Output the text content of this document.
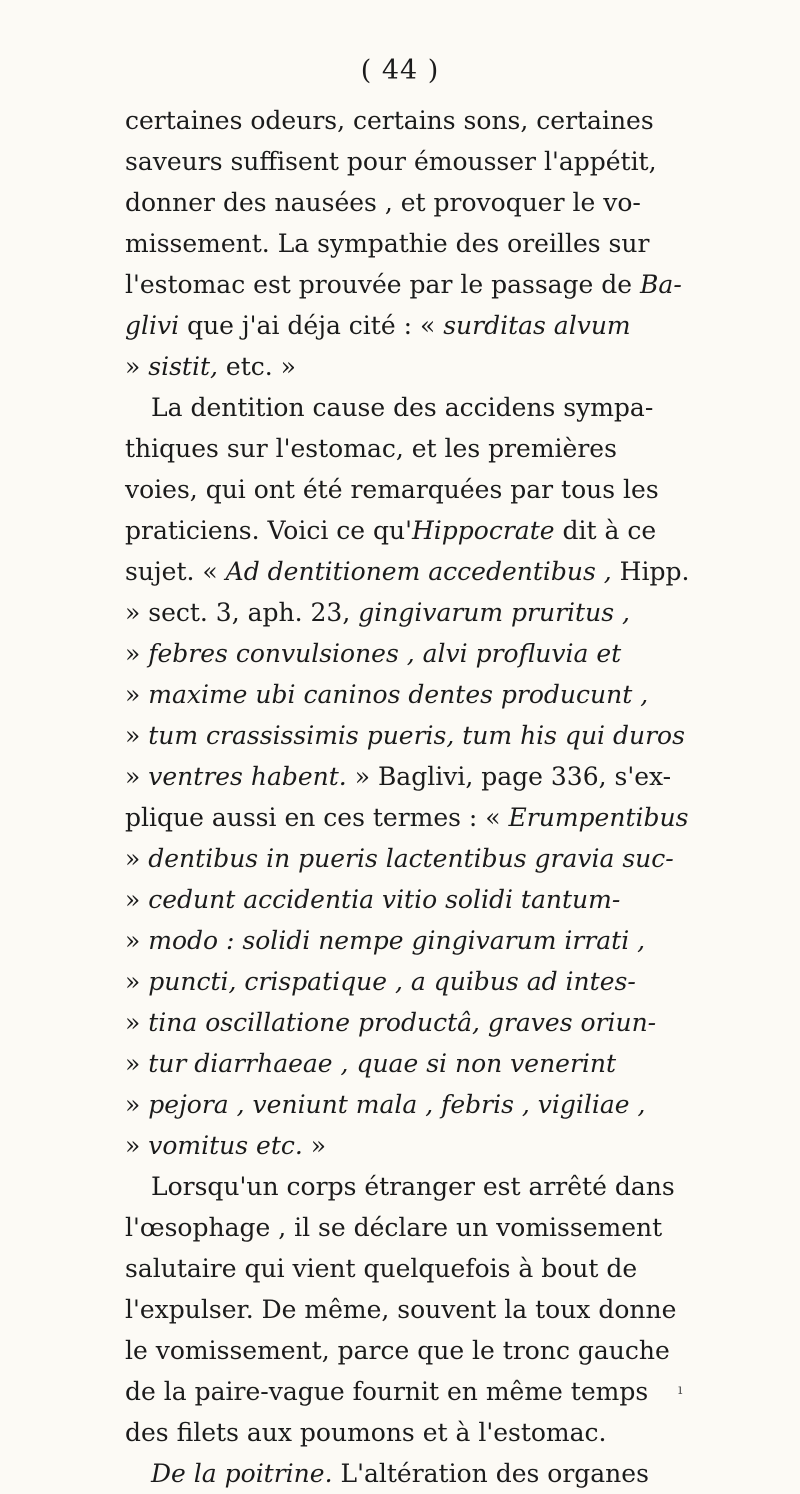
( 44 )
certaines odeurs, certains sons, certaines
saveurs suffisent pour émousser l'appétit,
donner des nausées , et provoquer le vo-
missement. La sympathie des oreilles sur
l'estomac est prouvée par le passage de Ba-
glivi que j'ai déja cité : « surditas alvum
» sistit, etc. »
La dentition cause des accidens sympa-
thiques sur l'estomac, et les premières
voies, qui ont été remarquées par tous les
praticiens. Voici ce qu'Hippocrate dit à ce
sujet. « Ad dentitionem accedentibus , Hipp.
» sect. 3, aph. 23, gingivarum pruritus ,
» febres convulsiones , alvi profluvia et
» maxime ubi caninos dentes producunt ,
» tum crassissimis pueris, tum his qui duros
» ventres habent. » Baglivi, page 336, s'ex-
plique aussi en ces termes : « Erumpentibus
» dentibus in pueris lactentibus gravia suc-
» cedunt accidentia vitio solidi tantum-
» modo : solidi nempe gingivarum irrati ,
» puncti, crispatique , a quibus ad intes-
» tina oscillatione productâ, graves oriun-
» tur diarrhaeae , quae si non venerint
» pejora , veniunt mala , febris , vigiliae ,
» vomitus etc. »
Lorsqu'un corps étranger est arrêté dans
l'œsophage , il se déclare un vomissement
salutaire qui vient quelquefois à bout de
l'expulser. De même, souvent la toux donne
le vomissement, parce que le tronc gauche
de la paire-vague fournit en même temps
des filets aux poumons et à l'estomac.
De la poitrine. L'altération des organes
ı
